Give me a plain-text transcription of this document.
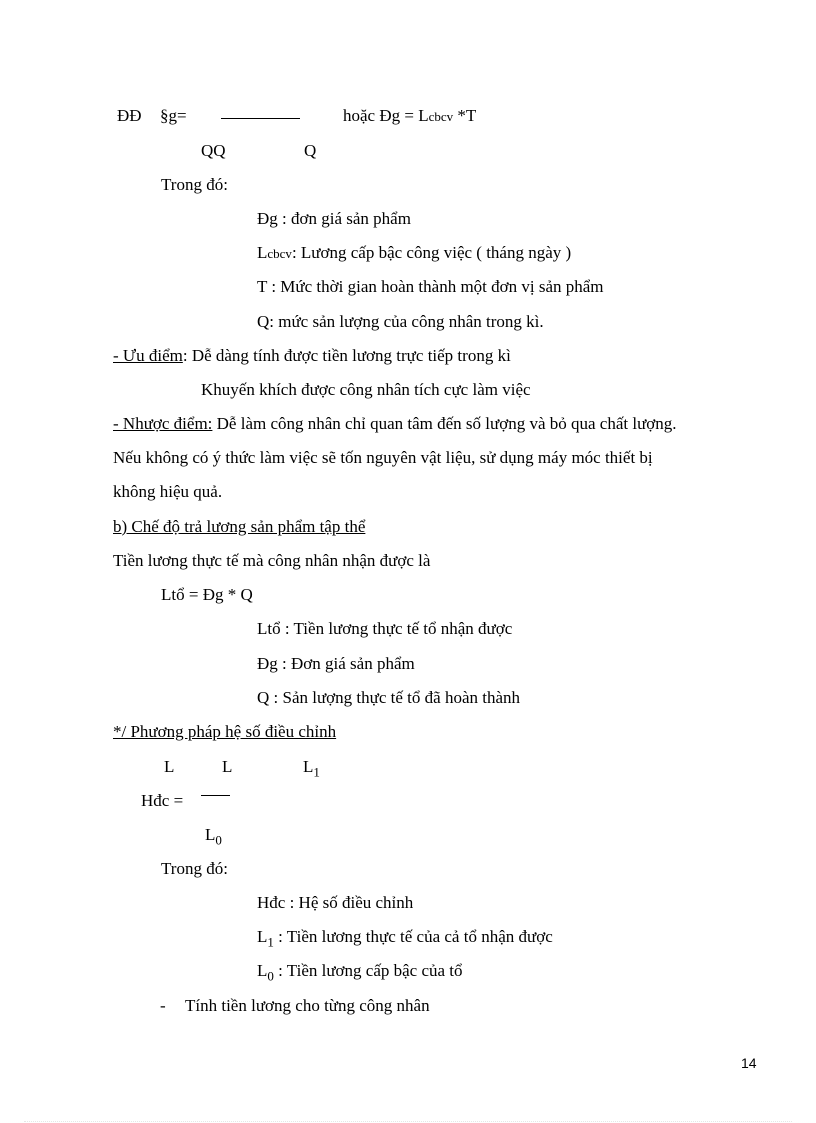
ĐĐ §g=	hoặc Đg = Lcbcv *T
QQ	Q
Trong đó:
Đg : đơn giá sản phẩm
Lcbcv: Lương cấp bậc công việc ( tháng ngày )
T : Mức thời gian hoàn thành một đơn vị sản phẩm
Q: mức sản lượng của công nhân trong kì.
- Ưu điểm: Dễ dàng tính được tiền lương trực tiếp trong kì
Khuyến khích được công nhân tích cực làm việc
- Nhược điểm: Dễ làm công nhân chỉ quan tâm đến số lượng và bỏ qua chất lượng.
Nếu không có ý thức làm việc sẽ tốn nguyên vật liệu, sử dụng máy móc thiết bị
không hiệu quả.
b) Chế độ trả lương sản phẩm tập thể
Tiền lương thực tế mà công nhân nhận được là
Ltổ = Đg * Q
Ltổ : Tiền lương thực tế tổ nhận được
Đg : Đơn giá sản phẩm
Q : Sản lượng thực tế tổ đã hoàn thành
*/ Phương pháp hệ số điều chỉnh
L	L	$L_1$
Hđc =
$L_0$
Trong đó:
Hđc : Hệ số điều chỉnh
$L_1$ : Tiền lương thực tế của cả tổ nhận được
$L_0$ : Tiền lương cấp bậc của tổ
- Tính tiền lương cho từng công nhân
14
